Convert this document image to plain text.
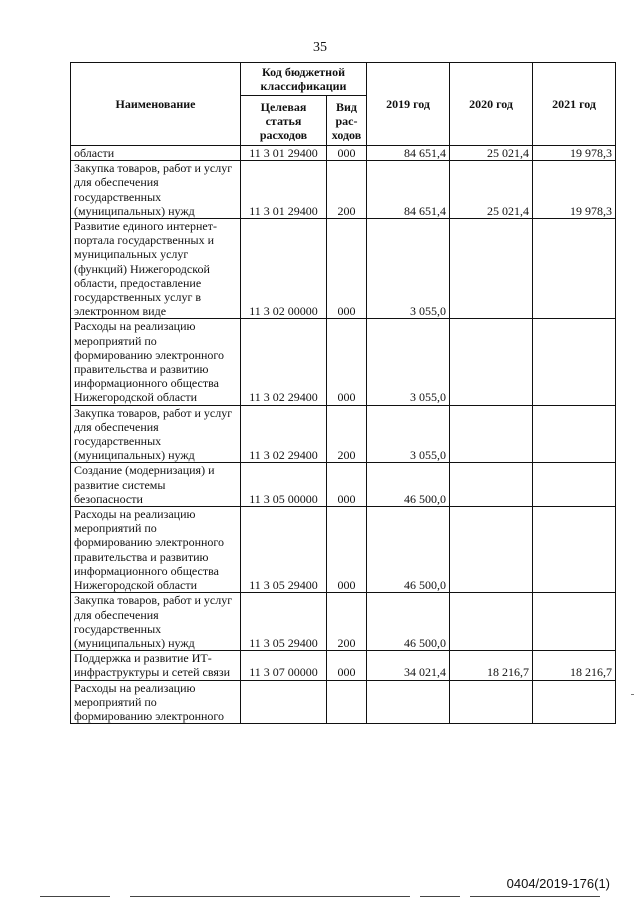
35
Наименование	Код бюджетной классификации		2019 год	2020 год	2021 год
	Целевая статья расходов	Вид рас-ходов			
области	11 3 01 29400	000	84 651,4	25 021,4	19 978,3
Закупка товаров, работ и услуг для обеспечения государственных (муниципальных) нужд	11 3 01 29400	200	84 651,4	25 021,4	19 978,3
Развитие единого интернет-портала государственных и муниципальных услуг (функций) Нижегородской области, предоставление государственных услуг в электронном виде	11 3 02 00000	000	3 055,0		
Расходы на реализацию мероприятий по формированию электронного правительства и развитию информационного общества Нижегородской области	11 3 02 29400	000	3 055,0		
Закупка товаров, работ и услуг для обеспечения государственных (муниципальных) нужд	11 3 02 29400	200	3 055,0		
Создание (модернизация) и развитие системы безопасности	11 3 05 00000	000	46 500,0		
Расходы на реализацию мероприятий по формированию электронного правительства и развитию информационного общества Нижегородской области	11 3 05 29400	000	46 500,0		
Закупка товаров, работ и услуг для обеспечения государственных (муниципальных) нужд	11 3 05 29400	200	46 500,0		
Поддержка и развитие ИТ-инфраструктуры и сетей связи	11 3 07 00000	000	34 021,4	18 216,7	18 216,7
Расходы на реализацию мероприятий по формированию электронного					
0404/2019-176(1)
